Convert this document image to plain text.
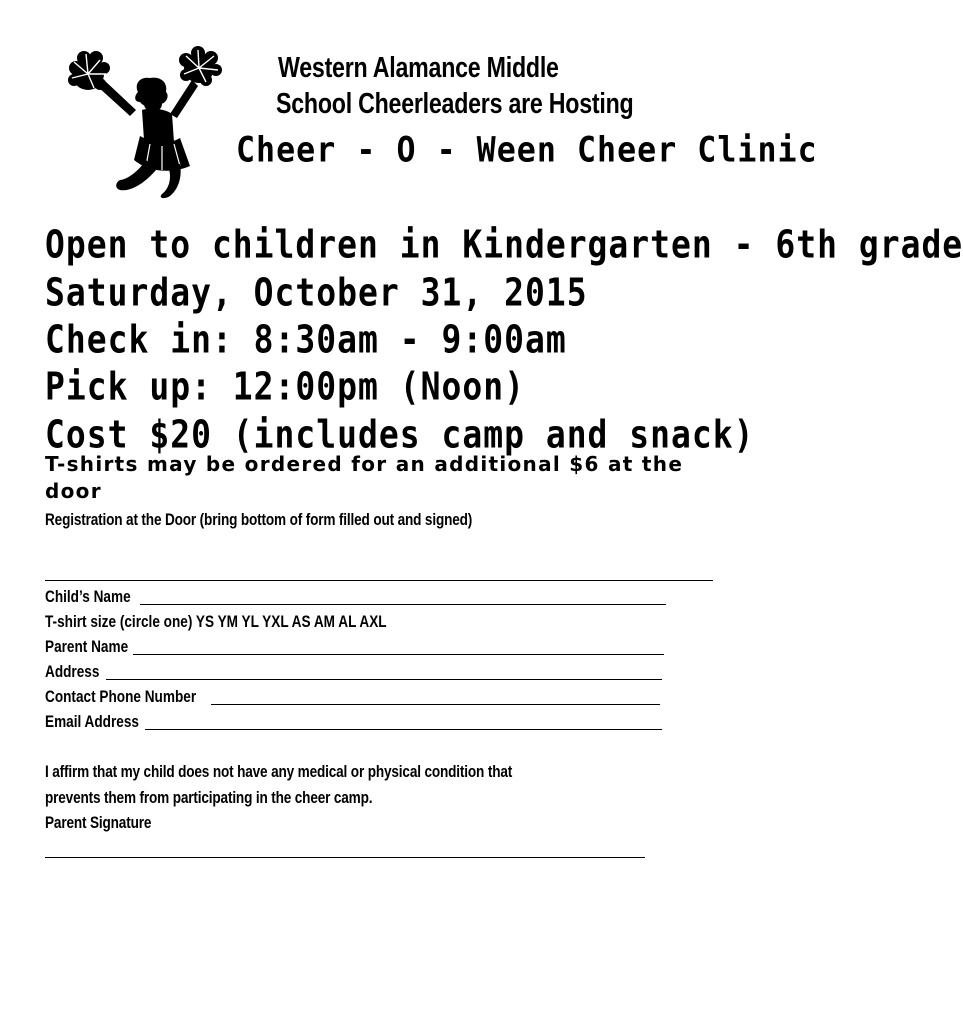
Western Alamance Middle
School Cheerleaders are Hosting
Cheer - O - Ween Cheer Clinic
Open to children in Kindergarten - 6th grade
Saturday, October 31, 2015
Check in: 8:30am - 9:00am
Pick up: 12:00pm (Noon)
Cost $20 (includes camp and snack)
T-shirts may be ordered for an additional $6 at the door
Registration at the Door (bring bottom of form filled out and signed)
Child’s Name
T-shirt size (circle one) YS YM YL YXL AS AM AL AXL
Parent Name
Address
Contact Phone Number
Email Address
I affirm that my child does not have any medical or physical condition that
prevents them from participating in the cheer camp.
Parent Signature
